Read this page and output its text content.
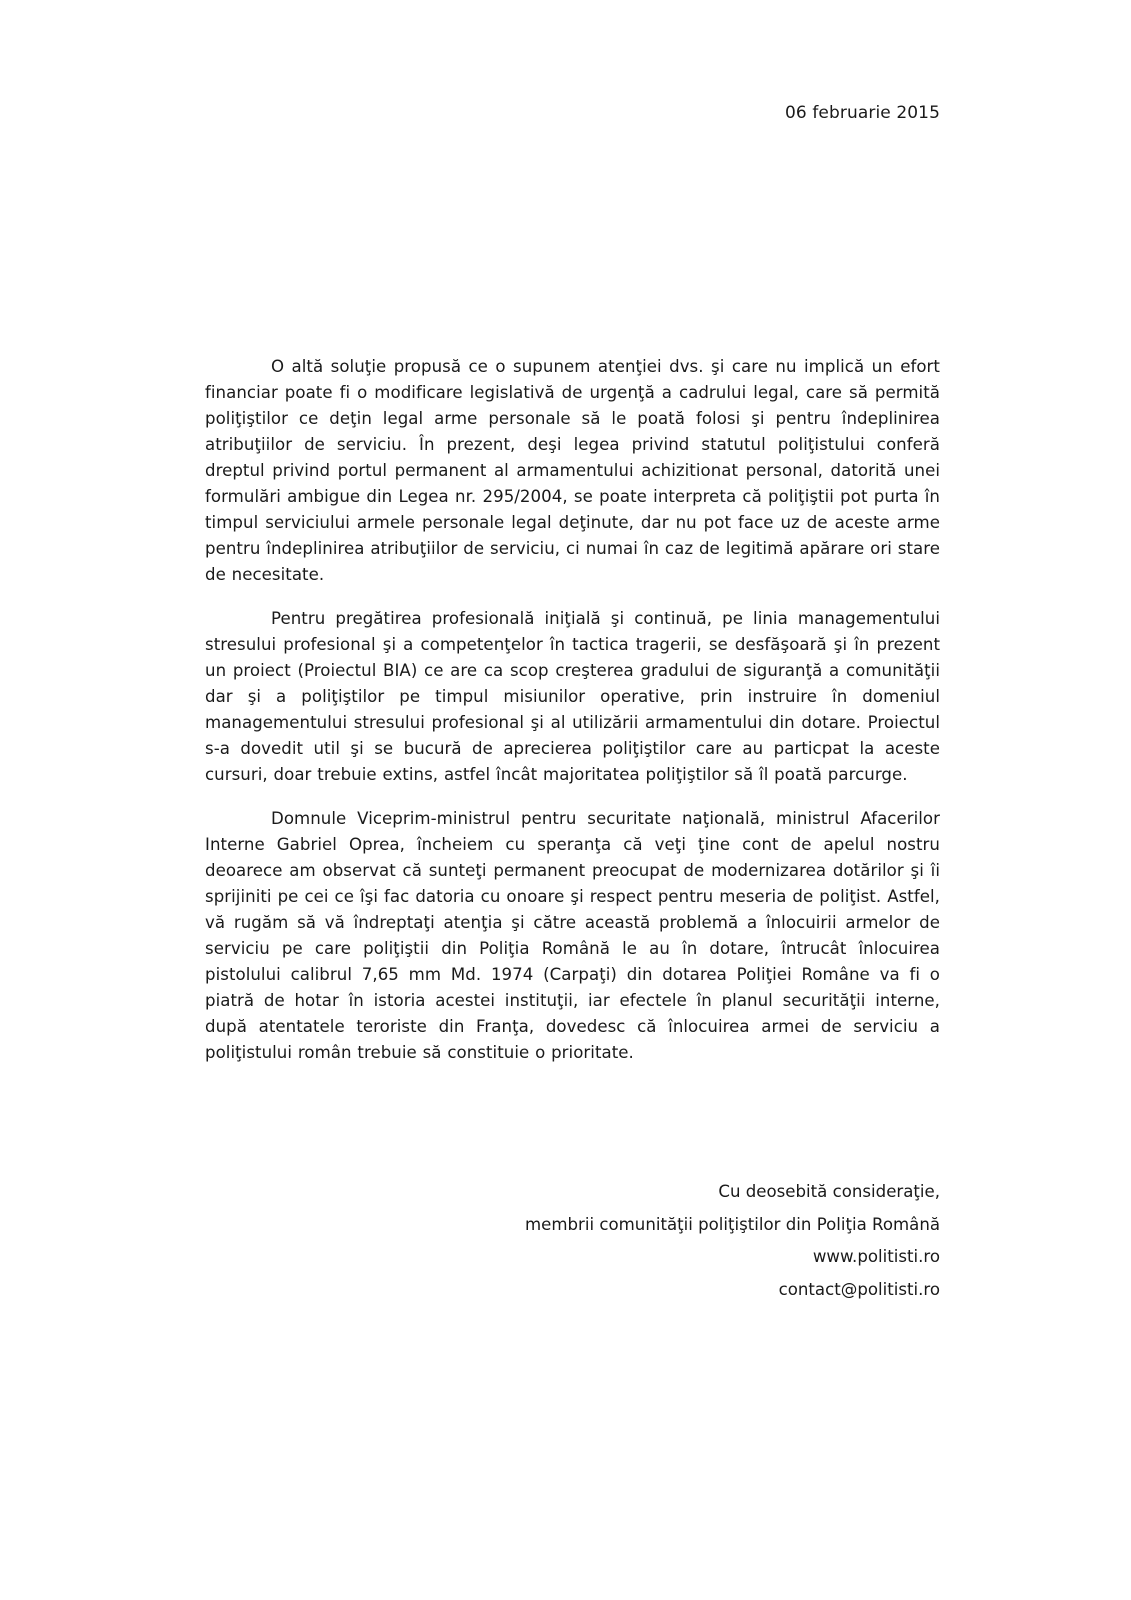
06 februarie 2015

O altă soluţie propusă ce o supunem atenţiei dvs. şi care nu implică un efort financiar poate fi o modificare legislativă de urgenţă a cadrului legal, care să permită poliţiştilor ce deţin legal arme personale să le poată folosi şi pentru îndeplinirea atribuţiilor de serviciu. În prezent, deşi legea privind statutul poliţistului conferă dreptul privind portul permanent al armamentului achizitionat personal, datorită unei formulări ambigue din Legea nr. 295/2004, se poate interpreta că poliţiştii pot purta în timpul serviciului armele personale legal deţinute, dar nu pot face uz de aceste arme pentru îndeplinirea atribuţiilor de serviciu, ci numai în caz de legitimă apărare ori stare de necesitate.

Pentru pregătirea profesională iniţială şi continuă, pe linia managementului stresului profesional şi a competenţelor în tactica tragerii, se desfăşoară şi în prezent un proiect (Proiectul BIA) ce are ca scop creşterea gradului de siguranţă a comunităţii dar şi a poliţiştilor pe timpul misiunilor operative, prin instruire în domeniul managementului stresului profesional şi al utilizării armamentului din dotare. Proiectul s-a dovedit util şi se bucură de aprecierea poliţiştilor care au particpat la aceste cursuri, doar trebuie extins, astfel încât majoritatea poliţiştilor să îl poată parcurge.

Domnule Viceprim-ministrul pentru securitate naţională, ministrul Afacerilor Interne Gabriel Oprea, încheiem cu speranţa că veţi ţine cont de apelul nostru deoarece am observat că sunteţi permanent preocupat de modernizarea dotărilor şi îi sprijiniti pe cei ce îşi fac datoria cu onoare şi respect pentru meseria de poliţist. Astfel, vă rugăm să vă îndreptaţi atenţia şi către această problemă a înlocuirii armelor de serviciu pe care poliţiştii din Poliţia Română le au în dotare, întrucât înlocuirea pistolului calibrul 7,65 mm Md. 1974 (Carpaţi) din dotarea Poliţiei Române va fi o piatră de hotar în istoria acestei instituţii, iar efectele în planul securităţii interne, după atentatele teroriste din Franţa, dovedesc că înlocuirea armei de serviciu a poliţistului român trebuie să constituie o prioritate.

Cu deosebită consideraţie,
membrii comunităţii poliţiştilor din Poliţia Română
www.politisti.ro
contact@politisti.ro
